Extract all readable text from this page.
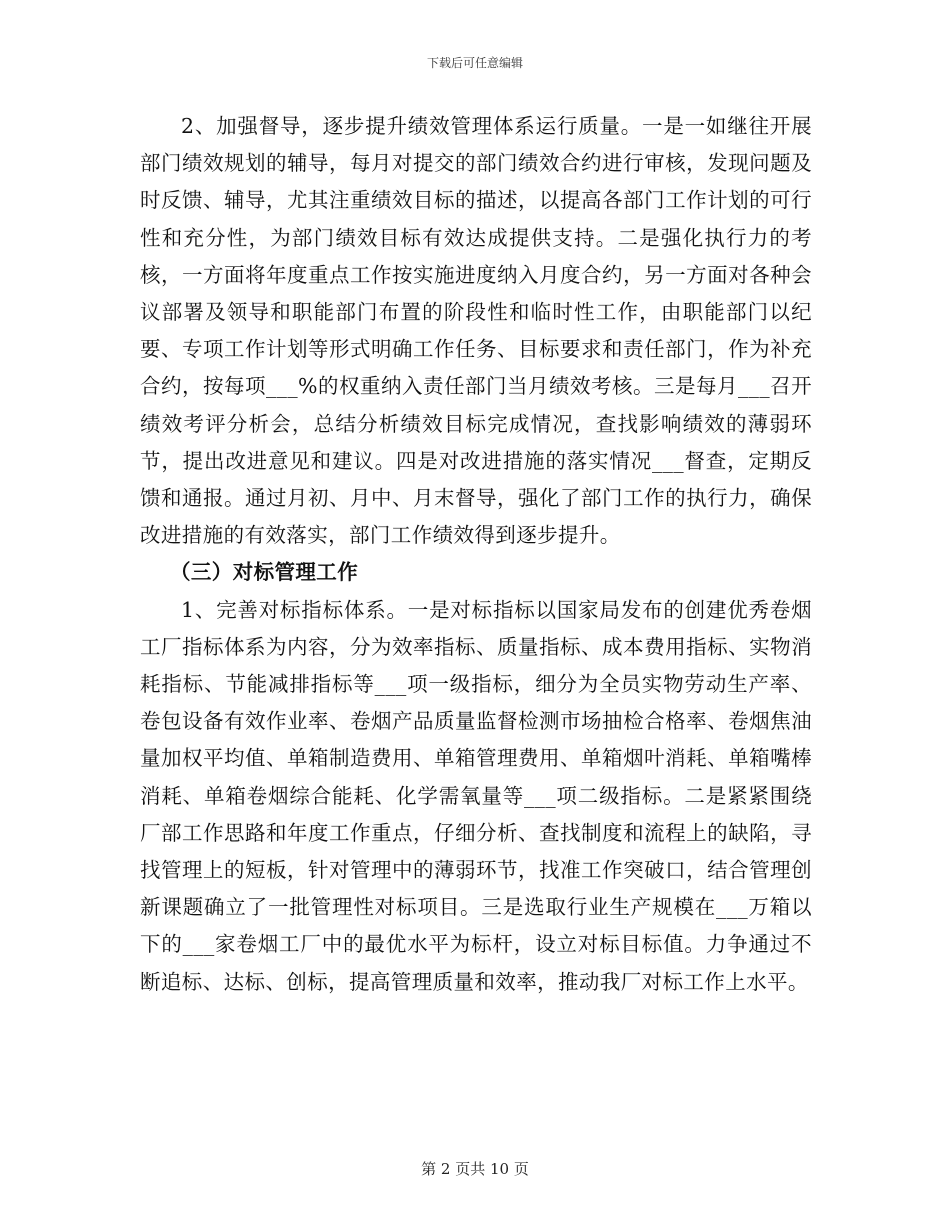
下载后可任意编辑

2、加强督导，逐步提升绩效管理体系运行质量。一是一如继往开展部门绩效规划的辅导，每月对提交的部门绩效合约进行审核，发现问题及时反馈、辅导，尤其注重绩效目标的描述，以提高各部门工作计划的可行性和充分性，为部门绩效目标有效达成提供支持。二是强化执行力的考核，一方面将年度重点工作按实施进度纳入月度合约，另一方面对各种会议部署及领导和职能部门布置的阶段性和临时性工作，由职能部门以纪要、专项工作计划等形式明确工作任务、目标要求和责任部门，作为补充合约，按每项___%的权重纳入责任部门当月绩效考核。三是每月___召开绩效考评分析会，总结分析绩效目标完成情况，查找影响绩效的薄弱环节，提出改进意见和建议。四是对改进措施的落实情况___督查，定期反馈和通报。通过月初、月中、月末督导，强化了部门工作的执行力，确保改进措施的有效落实，部门工作绩效得到逐步提升。

（三）对标管理工作

1、完善对标指标体系。一是对标指标以国家局发布的创建优秀卷烟工厂指标体系为内容，分为效率指标、质量指标、成本费用指标、实物消耗指标、节能减排指标等___项一级指标，细分为全员实物劳动生产率、卷包设备有效作业率、卷烟产品质量监督检测市场抽检合格率、卷烟焦油量加权平均值、单箱制造费用、单箱管理费用、单箱烟叶消耗、单箱嘴棒消耗、单箱卷烟综合能耗、化学需氧量等___项二级指标。二是紧紧围绕厂部工作思路和年度工作重点，仔细分析、查找制度和流程上的缺陷，寻找管理上的短板，针对管理中的薄弱环节，找准工作突破口，结合管理创新课题确立了一批管理性对标项目。三是选取行业生产规模在___万箱以下的___家卷烟工厂中的最优水平为标杆，设立对标目标值。力争通过不断追标、达标、创标，提高管理质量和效率，推动我厂对标工作上水平。

第 2 页共 10 页
